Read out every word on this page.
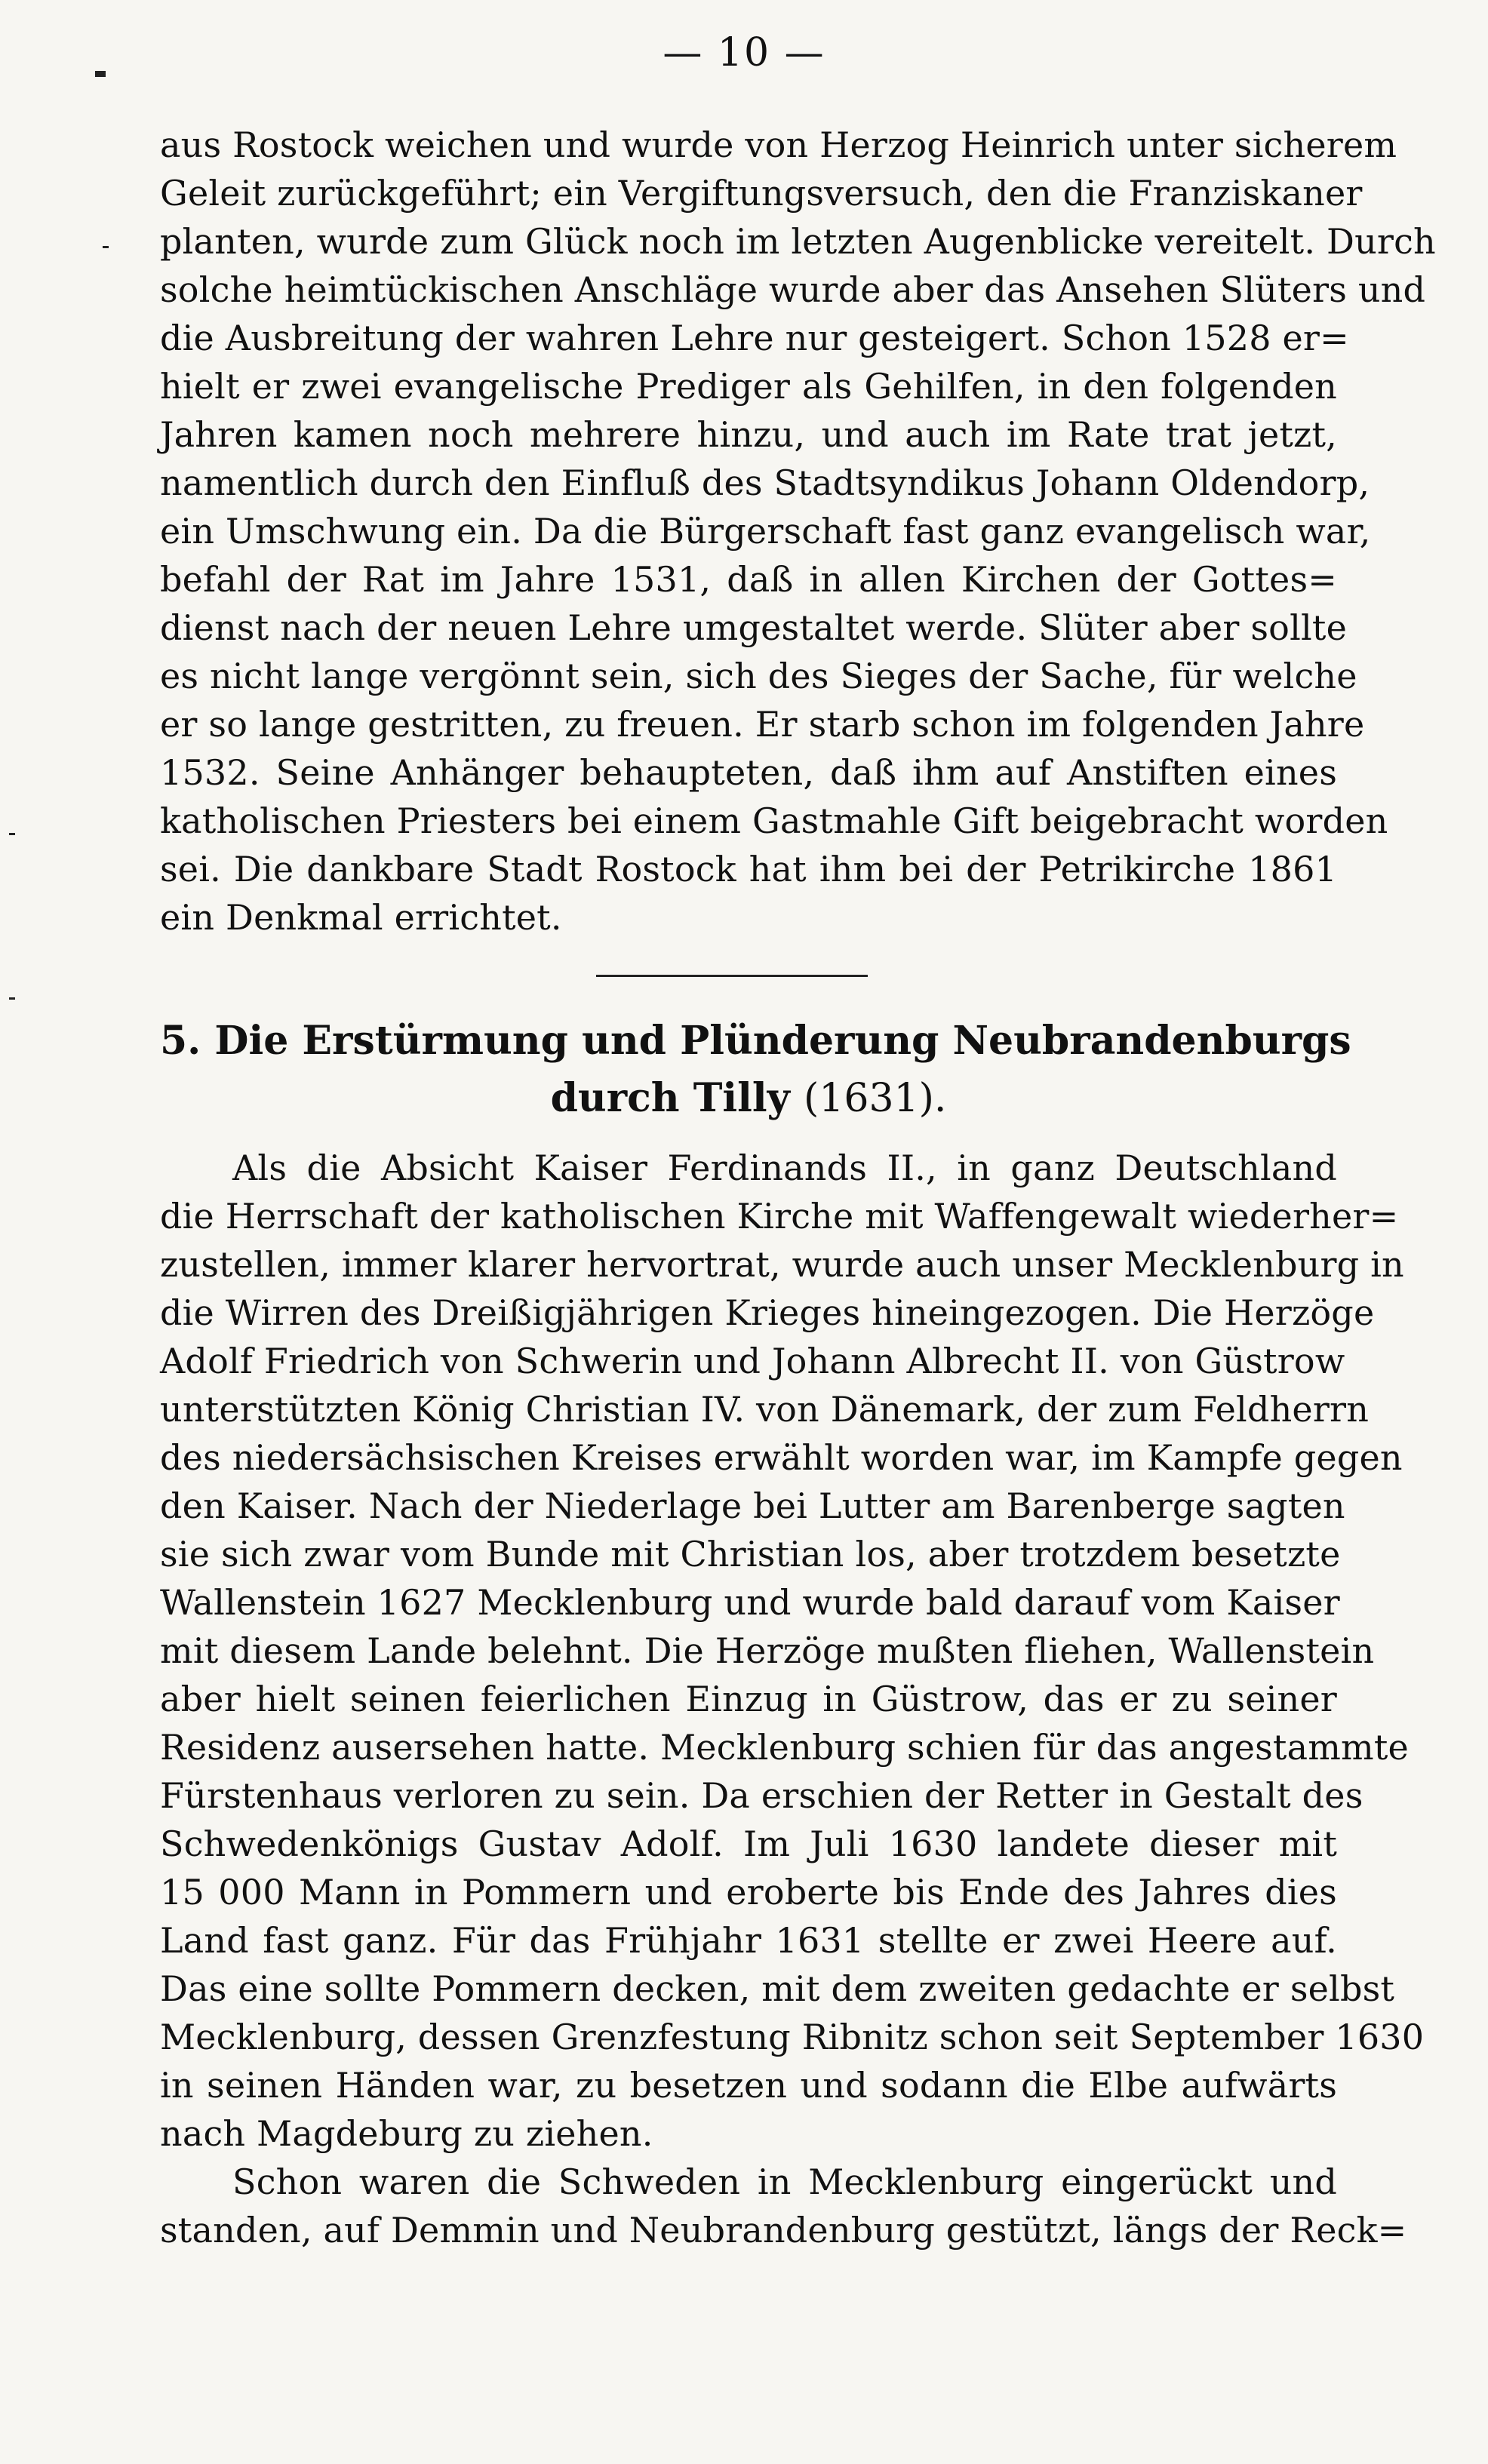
— 10 —
aus Rostock weichen und wurde von Herzog Heinrich unter sicherem
Geleit zurückgeführt; ein Vergiftungsversuch, den die Franziskaner
planten, wurde zum Glück noch im letzten Augenblicke vereitelt. Durch
solche heimtückischen Anschläge wurde aber das Ansehen Slüters und
die Ausbreitung der wahren Lehre nur gesteigert. Schon 1528 er=
hielt er zwei evangelische Prediger als Gehilfen, in den folgenden
Jahren kamen noch mehrere hinzu, und auch im Rate trat jetzt,
namentlich durch den Einfluß des Stadtsyndikus Johann Oldendorp,
ein Umschwung ein. Da die Bürgerschaft fast ganz evangelisch war,
befahl der Rat im Jahre 1531, daß in allen Kirchen der Gottes=
dienst nach der neuen Lehre umgestaltet werde. Slüter aber sollte
es nicht lange vergönnt sein, sich des Sieges der Sache, für welche
er so lange gestritten, zu freuen. Er starb schon im folgenden Jahre
1532. Seine Anhänger behaupteten, daß ihm auf Anstiften eines
katholischen Priesters bei einem Gastmahle Gift beigebracht worden
sei. Die dankbare Stadt Rostock hat ihm bei der Petrikirche 1861
ein Denkmal errichtet.
5. Die Erstürmung und Plünderung Neubrandenburgs
durch Tilly (1631).
Als die Absicht Kaiser Ferdinands II., in ganz Deutschland
die Herrschaft der katholischen Kirche mit Waffengewalt wiederher=
zustellen, immer klarer hervortrat, wurde auch unser Mecklenburg in
die Wirren des Dreißigjährigen Krieges hineingezogen. Die Herzöge
Adolf Friedrich von Schwerin und Johann Albrecht II. von Güstrow
unterstützten König Christian IV. von Dänemark, der zum Feldherrn
des niedersächsischen Kreises erwählt worden war, im Kampfe gegen
den Kaiser. Nach der Niederlage bei Lutter am Barenberge sagten
sie sich zwar vom Bunde mit Christian los, aber trotzdem besetzte
Wallenstein 1627 Mecklenburg und wurde bald darauf vom Kaiser
mit diesem Lande belehnt. Die Herzöge mußten fliehen, Wallenstein
aber hielt seinen feierlichen Einzug in Güstrow, das er zu seiner
Residenz ausersehen hatte. Mecklenburg schien für das angestammte
Fürstenhaus verloren zu sein. Da erschien der Retter in Gestalt des
Schwedenkönigs Gustav Adolf. Im Juli 1630 landete dieser mit
15 000 Mann in Pommern und eroberte bis Ende des Jahres dies
Land fast ganz. Für das Frühjahr 1631 stellte er zwei Heere auf.
Das eine sollte Pommern decken, mit dem zweiten gedachte er selbst
Mecklenburg, dessen Grenzfestung Ribnitz schon seit September 1630
in seinen Händen war, zu besetzen und sodann die Elbe aufwärts
nach Magdeburg zu ziehen.
Schon waren die Schweden in Mecklenburg eingerückt und
standen, auf Demmin und Neubrandenburg gestützt, längs der Reck=
